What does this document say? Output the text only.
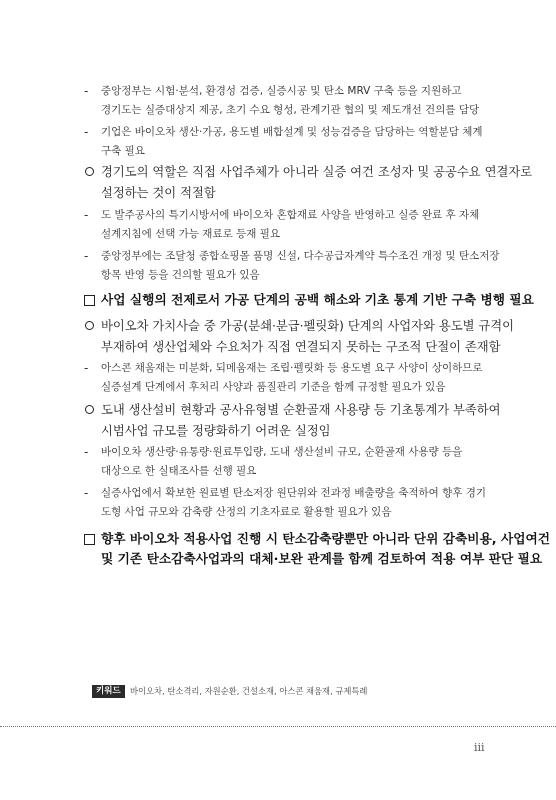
- 중앙정부는 시험·분석, 환경성 검증, 실증시공 및 탄소 MRV 구축 등을 지원하고
경기도는 실증대상지 제공, 초기 수요 형성, 관계기관 협의 및 제도개선 건의를 담당
- 기업은 바이오차 생산·가공, 용도별 배합설계 및 성능검증을 담당하는 역할분담 체계
구축 필요
경기도의 역할은 직접 사업주체가 아니라 실증 여건 조성자 및 공공수요 연결자로
설정하는 것이 적절함
- 도 발주공사의 특기시방서에 바이오차 혼합재료 사양을 반영하고 실증 완료 후 자체
설계지침에 선택 가능 재료로 등재 필요
- 중앙정부에는 조달청 종합쇼핑몰 품명 신설, 다수공급자계약 특수조건 개정 및 탄소저장
항목 반영 등을 건의할 필요가 있음
사업 실행의 전제로서 가공 단계의 공백 해소와 기초 통계 기반 구축 병행 필요
바이오차 가치사슬 중 가공(분쇄·분급·펠릿화) 단계의 사업자와 용도별 규격이
부재하여 생산업체와 수요처가 직접 연결되지 못하는 구조적 단절이 존재함
- 아스콘 채움재는 미분화, 되메움재는 조립·펠릿화 등 용도별 요구 사양이 상이하므로
실증설계 단계에서 후처리 사양과 품질관리 기준을 함께 규정할 필요가 있음
도내 생산설비 현황과 공사유형별 순환골재 사용량 등 기초통계가 부족하여
시범사업 규모를 정량화하기 어려운 실정임
- 바이오차 생산량·유통량·원료투입량, 도내 생산설비 규모, 순환골재 사용량 등을
대상으로 한 실태조사를 선행 필요
- 실증사업에서 확보한 원료별 탄소저장 원단위와 전과정 배출량을 축적하여 향후 경기
도형 사업 규모와 감축량 산정의 기초자료로 활용할 필요가 있음
향후 바이오차 적용사업 진행 시 탄소감축량뿐만 아니라 단위 감축비용, 사업여건
및 기존 탄소감축사업과의 대체·보완 관계를 함께 검토하여 적용 여부 판단 필요
키워드	바이오차, 탄소격리, 자원순환, 건설소재, 아스콘 채움재, 규제특례
iii
